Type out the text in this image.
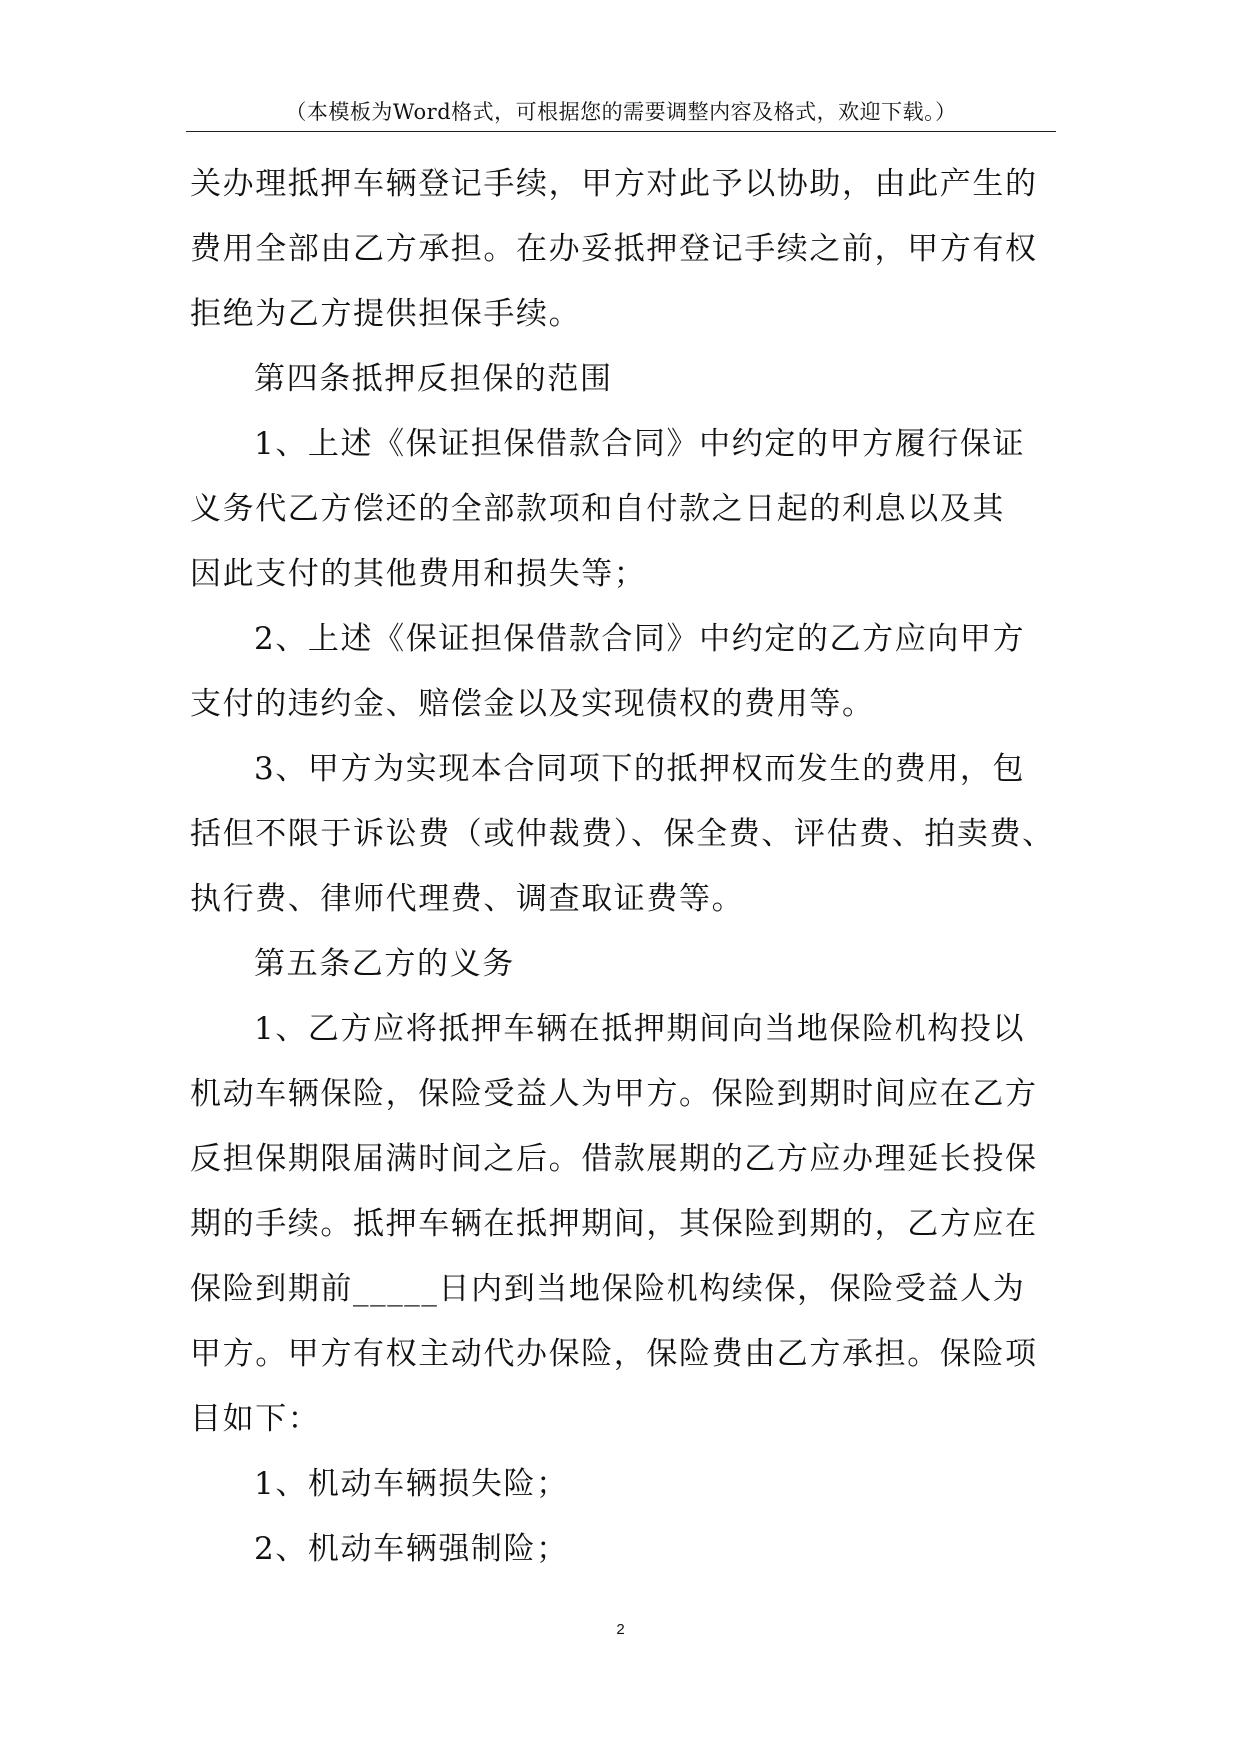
（本模板为Word格式，可根据您的需要调整内容及格式，欢迎下载。）
关办理抵押车辆登记手续，甲方对此予以协助，由此产生的
费用全部由乙方承担。在办妥抵押登记手续之前，甲方有权
拒绝为乙方提供担保手续。
第四条抵押反担保的范围
1、上述《保证担保借款合同》中约定的甲方履行保证
义务代乙方偿还的全部款项和自付款之日起的利息以及其
因此支付的其他费用和损失等；
2、上述《保证担保借款合同》中约定的乙方应向甲方
支付的违约金、赔偿金以及实现债权的费用等。
3、甲方为实现本合同项下的抵押权而发生的费用，包
括但不限于诉讼费（或仲裁费）、保全费、评估费、拍卖费、
执行费、律师代理费、调查取证费等。
第五条乙方的义务
1、乙方应将抵押车辆在抵押期间向当地保险机构投以
机动车辆保险，保险受益人为甲方。保险到期时间应在乙方
反担保期限届满时间之后。借款展期的乙方应办理延长投保
期的手续。抵押车辆在抵押期间，其保险到期的，乙方应在
保险到期前_____日内到当地保险机构续保，保险受益人为
甲方。甲方有权主动代办保险，保险费由乙方承担。保险项
目如下：
1、机动车辆损失险；
2、机动车辆强制险；
2
